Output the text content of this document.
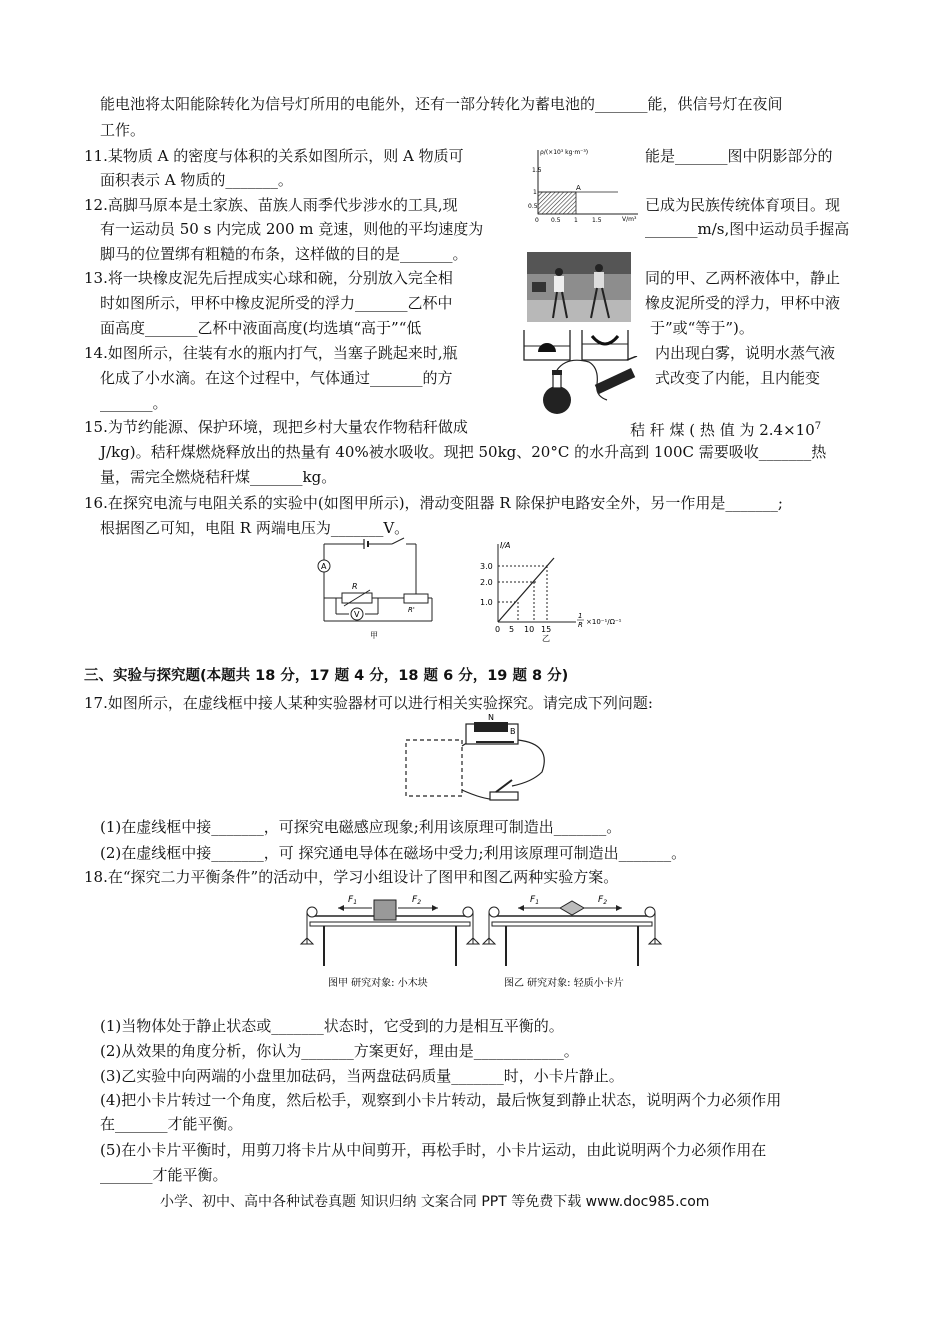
能电池将太阳能除转化为信号灯所用的电能外，还有一部分转化为蓄电池的_______能，供信号灯在夜间
工作。
11.某物质 A 的密度与体积的关系如图所示，则 A 物质可	能是_______图中阴影部分的
面积表示 A 物质的_______。
12.高脚马原本是土家族、苗族人雨季代步涉水的工具,现	已成为民族传统体育项目。现
有一运动员 50 s 内完成 200 m 竞速，则他的平均速度为	_______m/s,图中运动员手握高
脚马的位置绑有粗糙的布条，这样做的目的是_______。
13.将一块橡皮泥先后捏成实心球和碗，分别放入完全相	同的甲、乙两杯液体中，静止
时如图所示，甲杯中橡皮泥所受的浮力_______乙杯中	橡皮泥所受的浮力，甲杯中液
面高度_______乙杯中液面高度(均选填“高于”“低	于”或“等于”)。
14.如图所示，往装有水的瓶内打气，当塞子跳起来时,瓶	内出现白雾，说明水蒸气液
化成了小水滴。在这个过程中，气体通过_______的方	式改变了内能，且内能变
_______。
15.为节约能源、保护环境，现把乡村大量农作物秸秆做成	秸 秆 煤 ( 热 值 为 $2.4\times 10^7$
J/kg)。秸秆煤燃烧释放出的热量有 40%被水吸收。现把 50kg、20°C 的水升高到 100C 需要吸收_______热
量，需完全燃烧秸秆煤_______kg。
16.在探究电流与电阻关系的实验中(如图甲所示)，滑动变阻器 R 除保护电路安全外，另一作用是_______;
根据图乙可知，电阻 R 两端电压为_______V。
三、实验与探究题(本题共 18 分，17 题 4 分，18 题 6 分，19 题 8 分)
17.如图所示，在虚线框中接人某种实验器材可以进行相关实验探究。请完成下列问题:
(1)在虚线框中接_______，可探究电磁感应现象;利用该原理可制造出_______。
(2)在虚线框中接_______，可 探究通电导体在磁场中受力;利用该原理可制造出_______。
18.在“探究二力平衡条件”的活动中，学习小组设计了图甲和图乙两种实验方案。
(1)当物体处于静止状态或_______状态时，它受到的力是相互平衡的。
(2)从效果的角度分析，你认为_______方案更好，理由是____________。
(3)乙实验中向两端的小盘里加砝码，当两盘砝码质量_______时，小卡片静止。
(4)把小卡片转过一个角度，然后松手，观察到小卡片转动，最后恢复到静止状态，说明两个力必须作用
在_______才能平衡。
(5)在小卡片平衡时，用剪刀将卡片从中间剪开，再松手时，小卡片运动，由此说明两个力必须作用在
_______才能平衡。
小学、初中、高中各种试卷真题 知识归纳 文案合同 PPT 等免费下载 www.doc985.com
ρ/(×10³ kg·m⁻³)
V/m³
1.5
1
0.5
0 0.5 1 1.5
A
A
R
R'
V
甲
I/A
3.0
2.0
1.0
0 5 10 15
1
R ×10⁻¹/Ω⁻¹
乙
N
B
$F_1$	$F_2$
图甲 研究对象: 小木块
$F_1$	$F_2$
图乙 研究对象: 轻质小卡片
